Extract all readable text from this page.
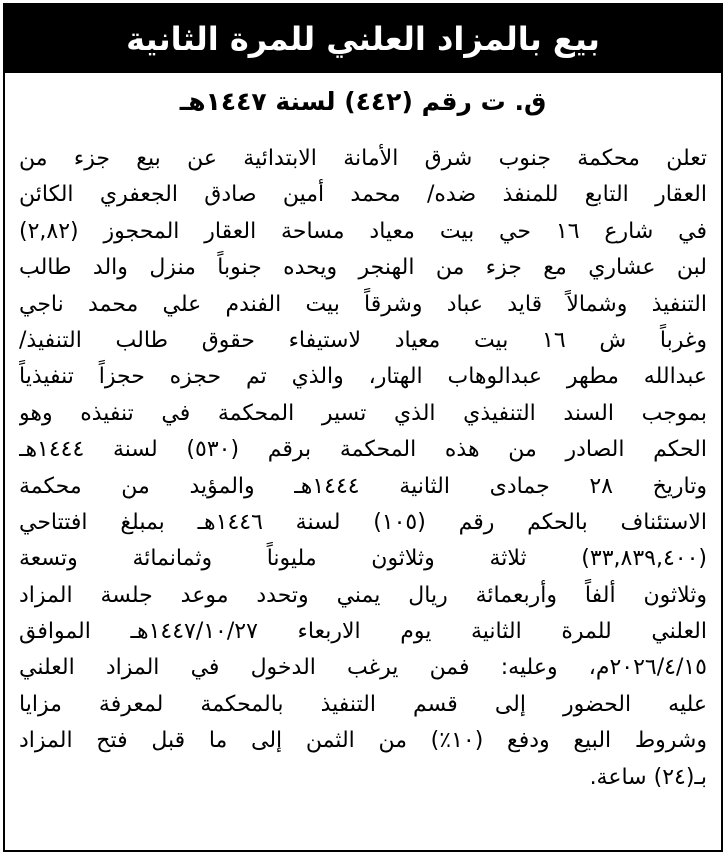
بيع بالمزاد العلني للمرة الثانية
ق. ت رقم (٤٤٢) لسنة ١٤٤٧هـ
تعلن محكمة جنوب شرق الأمانة الابتدائية عن بيع جزء من
العقار التابع للمنفذ ضده/ محمد أمين صادق الجعفري الكائن
في شارع ١٦ حي بيت معياد مساحة العقار المحجوز (٢,٨٢)
لبن عشاري مع جزء من الهنجر ويحده جنوباً منزل والد طالب
التنفيذ وشمالاً قايد عباد وشرقاً بيت الفندم علي محمد ناجي
وغرباً ش ١٦ بيت معياد لاستيفاء حقوق طالب التنفيذ/
عبدالله مطهر عبدالوهاب الهتار، والذي تم حجزه حجزاً تنفيذياً
بموجب السند التنفيذي الذي تسير المحكمة في تنفيذه وهو
الحكم الصادر من هذه المحكمة برقم (٥٣٠) لسنة ١٤٤٤هـ
وتاريخ ٢٨ جمادى الثانية ١٤٤٤هـ والمؤيد من محكمة
الاستئناف بالحكم رقم (١٠٥) لسنة ١٤٤٦هـ بمبلغ افتتاحي
(٣٣,٨٣٩,٤٠٠) ثلاثة وثلاثون مليوناً وثمانمائة وتسعة
وثلاثون ألفاً وأربعمائة ريال يمني وتحدد موعد جلسة المزاد
العلني للمرة الثانية يوم الاربعاء ١٤٤٧/١٠/٢٧هـ الموافق
٢٠٢٦/٤/١٥م، وعليه: فمن يرغب الدخول في المزاد العلني
عليه الحضور إلى قسم التنفيذ بالمحكمة لمعرفة مزايا
وشروط البيع ودفع (١٠٪) من الثمن إلى ما قبل فتح المزاد
بـ(٢٤) ساعة.
